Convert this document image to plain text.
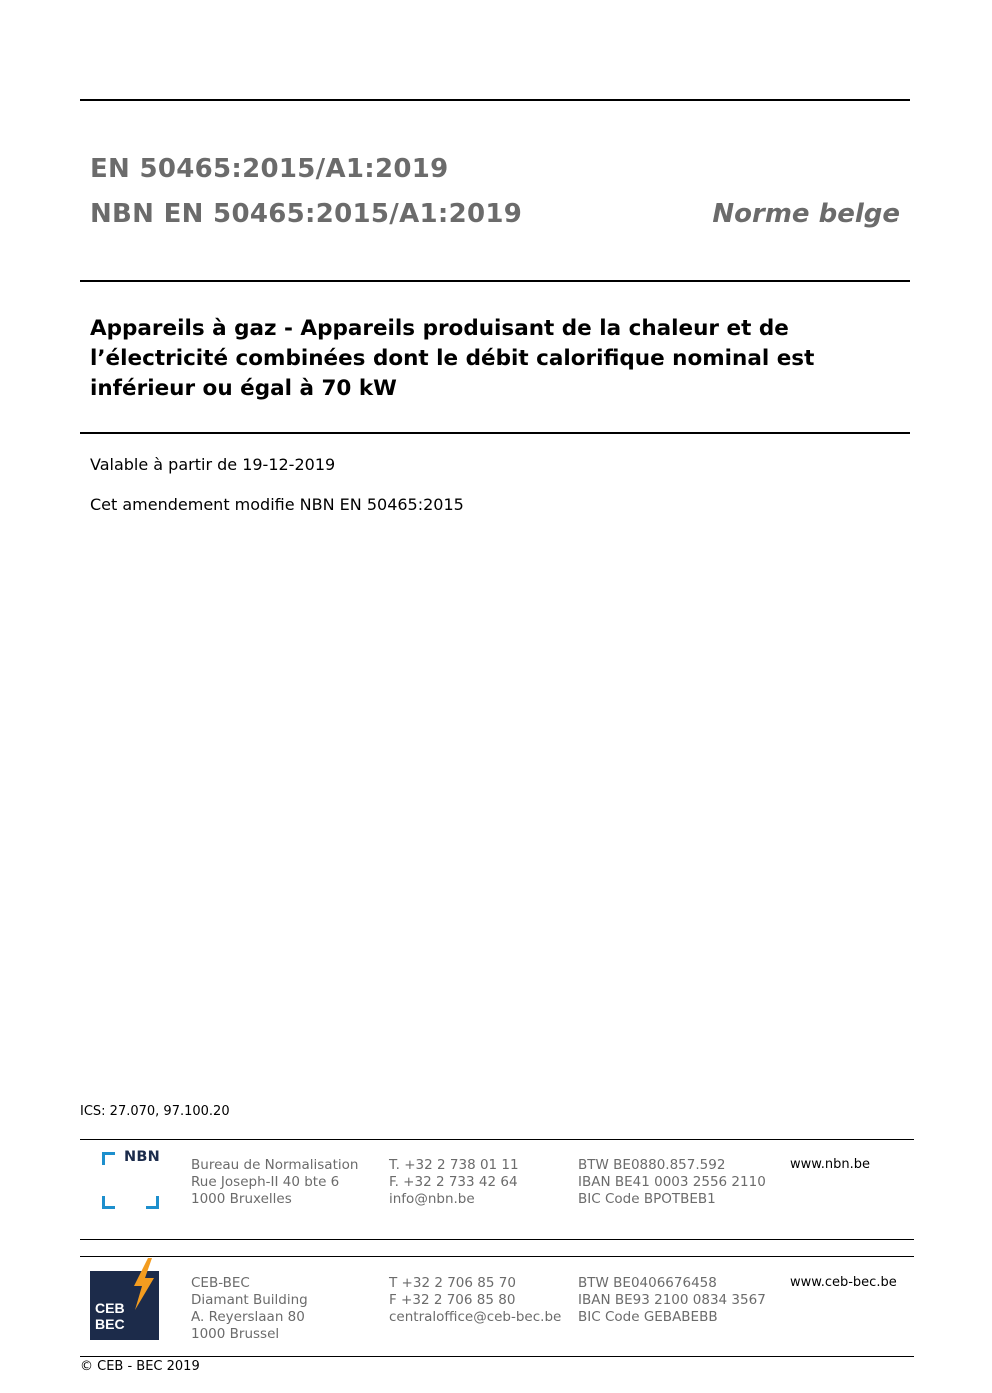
EN 50465:2015/A1:2019
NBN EN 50465:2015/A1:2019	Norme belge
Appareils à gaz - Appareils produisant de la chaleur et de
l’électricité combinées dont le débit calorifique nominal est
inférieur ou égal à 70 kW
Valable à partir de 19-12-2019
Cet amendement modifie NBN EN 50465:2015
ICS: 27.070, 97.100.20
NBN Bureau de Normalisation
Rue Joseph-II 40 bte 6
1000 Bruxelles
T. +32 2 738 01 11
F. +32 2 733 42 64
info@nbn.be
BTW BE0880.857.592
IBAN BE41 0003 2556 2110
BIC Code BPOTBEB1
www.nbn.be
CEB
BEC
CEB-BEC
Diamant Building
A. Reyerslaan 80
1000 Brussel
T +32 2 706 85 70
F +32 2 706 85 80
centraloffice@ceb-bec.be
BTW BE0406676458
IBAN BE93 2100 0834 3567
BIC Code GEBABEBB
www.ceb-bec.be
© CEB - BEC 2019
